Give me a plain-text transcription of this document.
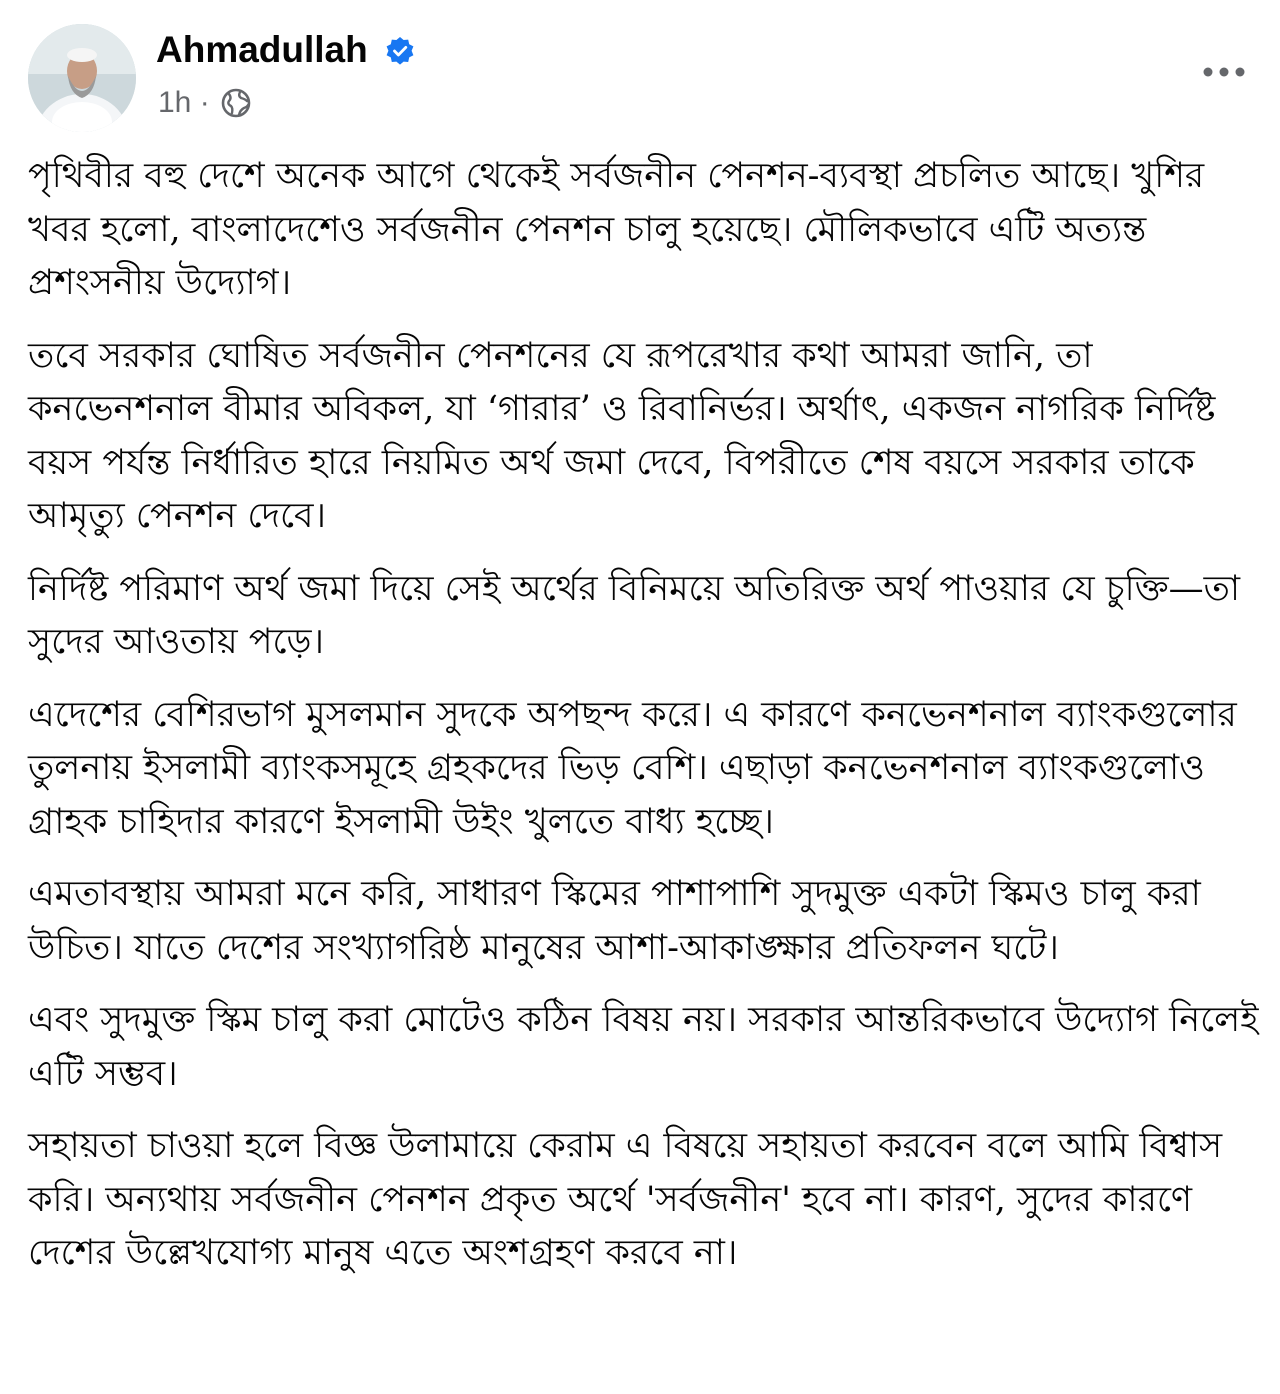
Ahmadullah
1h ·

পৃথিবীর বহু দেশে অনেক আগে থেকেই সর্বজনীন পেনশন-ব্যবস্থা প্রচলিত আছে। খুশির খবর হলো, বাংলাদেশেও সর্বজনীন পেনশন চালু হয়েছে। মৌলিকভাবে এটি অত্যন্ত প্রশংসনীয় উদ্যোগ।

তবে সরকার ঘোষিত সর্বজনীন পেনশনের যে রূপরেখার কথা আমরা জানি, তা কনভেনশনাল বীমার অবিকল, যা ‘গারার’ ও রিবানির্ভর। অর্থাৎ, একজন নাগরিক নির্দিষ্ট বয়স পর্যন্ত নির্ধারিত হারে নিয়মিত অর্থ জমা দেবে, বিপরীতে শেষ বয়সে সরকার তাকে আমৃত্যু পেনশন দেবে।

নির্দিষ্ট পরিমাণ অর্থ জমা দিয়ে সেই অর্থের বিনিময়ে অতিরিক্ত অর্থ পাওয়ার যে চুক্তি—তা সুদের আওতায় পড়ে।

এদেশের বেশিরভাগ মুসলমান সুদকে অপছন্দ করে। এ কারণে কনভেনশনাল ব্যাংকগুলোর তুলনায় ইসলামী ব্যাংকসমূহে গ্রহকদের ভিড় বেশি। এছাড়া কনভেনশনাল ব্যাংকগুলোও গ্রাহক চাহিদার কারণে ইসলামী উইং খুলতে বাধ্য হচ্ছে।

এমতাবস্থায় আমরা মনে করি, সাধারণ স্কিমের পাশাপাশি সুদমুক্ত একটা স্কিমও চালু করা উচিত। যাতে দেশের সংখ্যাগরিষ্ঠ মানুষের আশা-আকাঙ্ক্ষার প্রতিফলন ঘটে।

এবং সুদমুক্ত স্কিম চালু করা মোটেও কঠিন বিষয় নয়। সরকার আন্তরিকভাবে উদ্যোগ নিলেই এটি সম্ভব।

সহায়তা চাওয়া হলে বিজ্ঞ উলামায়ে কেরাম এ বিষয়ে সহায়তা করবেন বলে আমি বিশ্বাস করি। অন্যথায় সর্বজনীন পেনশন প্রকৃত অর্থে 'সর্বজনীন' হবে না। কারণ, সুদের কারণে দেশের উল্লেখযোগ্য মানুষ এতে অংশগ্রহণ করবে না।
